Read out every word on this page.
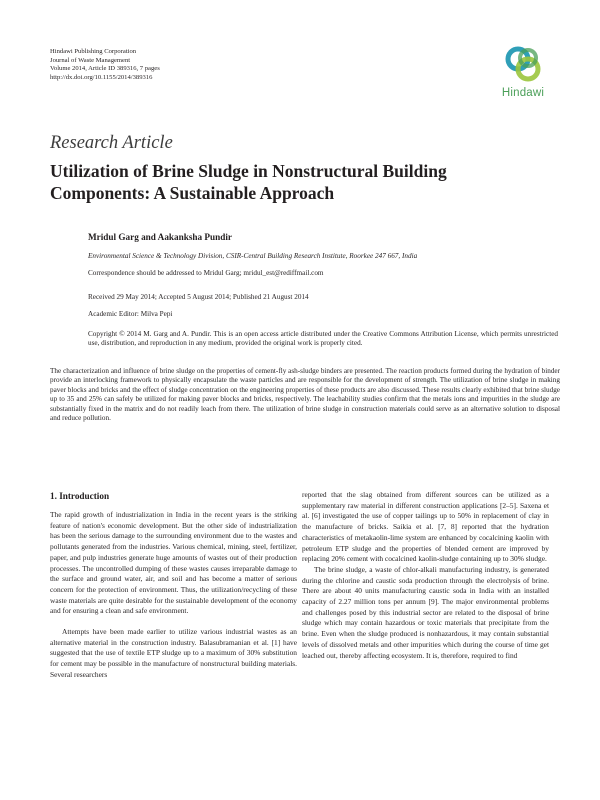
Hindawi Publishing Corporation
Journal of Waste Management
Volume 2014, Article ID 389316, 7 pages
http://dx.doi.org/10.1155/2014/389316
Hindawi
Research Article
Utilization of Brine Sludge in Nonstructural Building Components: A Sustainable Approach
Mridul Garg and Aakanksha Pundir
Environmental Science & Technology Division, CSIR-Central Building Research Institute, Roorkee 247 667, India
Correspondence should be addressed to Mridul Garg; mridul_est@rediffmail.com
Received 29 May 2014; Accepted 5 August 2014; Published 21 August 2014
Academic Editor: Milva Pepi
Copyright © 2014 M. Garg and A. Pundir. This is an open access article distributed under the Creative Commons Attribution License, which permits unrestricted use, distribution, and reproduction in any medium, provided the original work is properly cited.
The characterization and influence of brine sludge on the properties of cement-fly ash-sludge binders are presented. The reaction products formed during the hydration of binder provide an interlocking framework to physically encapsulate the waste particles and are responsible for the development of strength. The utilization of brine sludge in making paver blocks and bricks and the effect of sludge concentration on the engineering properties of these products are also discussed. These results clearly exhibited that brine sludge up to 35 and 25% can safely be utilized for making paver blocks and bricks, respectively. The leachability studies confirm that the metals ions and impurities in the sludge are substantially fixed in the matrix and do not readily leach from there. The utilization of brine sludge in construction materials could serve as an alternative solution to disposal and reduce pollution.
1. Introduction

The rapid growth of industrialization in India in the recent years is the striking feature of nation's economic development. But the other side of industrialization has been the serious damage to the surrounding environment due to the wastes and pollutants generated from the industries. Various chemical, mining, steel, fertilizer, paper, and pulp industries generate huge amounts of wastes out of their production processes. The uncontrolled dumping of these wastes causes irreparable damage to the surface and ground water, air, and soil and has become a matter of serious concern for the protection of environment. Thus, the utilization/recycling of these waste materials are quite desirable for the sustainable development of the economy and for ensuring a clean and safe environment.

Attempts have been made earlier to utilize various industrial wastes as an alternative material in the construction industry. Balasubramanian et al. [1] have suggested that the use of textile ETP sludge up to a maximum of 30% substitution for cement may be possible in the manufacture of nonstructural building materials. Several researchers

reported that the slag obtained from different sources can be utilized as a supplementary raw material in different construction applications [2–5]. Saxena et al. [6] investigated the use of copper tailings up to 50% in replacement of clay in the manufacture of bricks. Saikia et al. [7, 8] reported that the hydration characteristics of metakaolin-lime system are enhanced by cocalcining kaolin with petroleum ETP sludge and the properties of blended cement are improved by replacing 20% cement with cocalcined kaolin-sludge containing up to 30% sludge.

The brine sludge, a waste of chlor-alkali manufacturing industry, is generated during the chlorine and caustic soda production through the electrolysis of brine. There are about 40 units manufacturing caustic soda in India with an installed capacity of 2.27 million tons per annum [9]. The major environmental problems and challenges posed by this industrial sector are related to the disposal of brine sludge which may contain hazardous or toxic materials that precipitate from the brine. Even when the sludge produced is nonhazardous, it may contain substantial levels of dissolved metals and other impurities which during the course of time get leached out, thereby affecting ecosystem. It is, therefore, required to find
